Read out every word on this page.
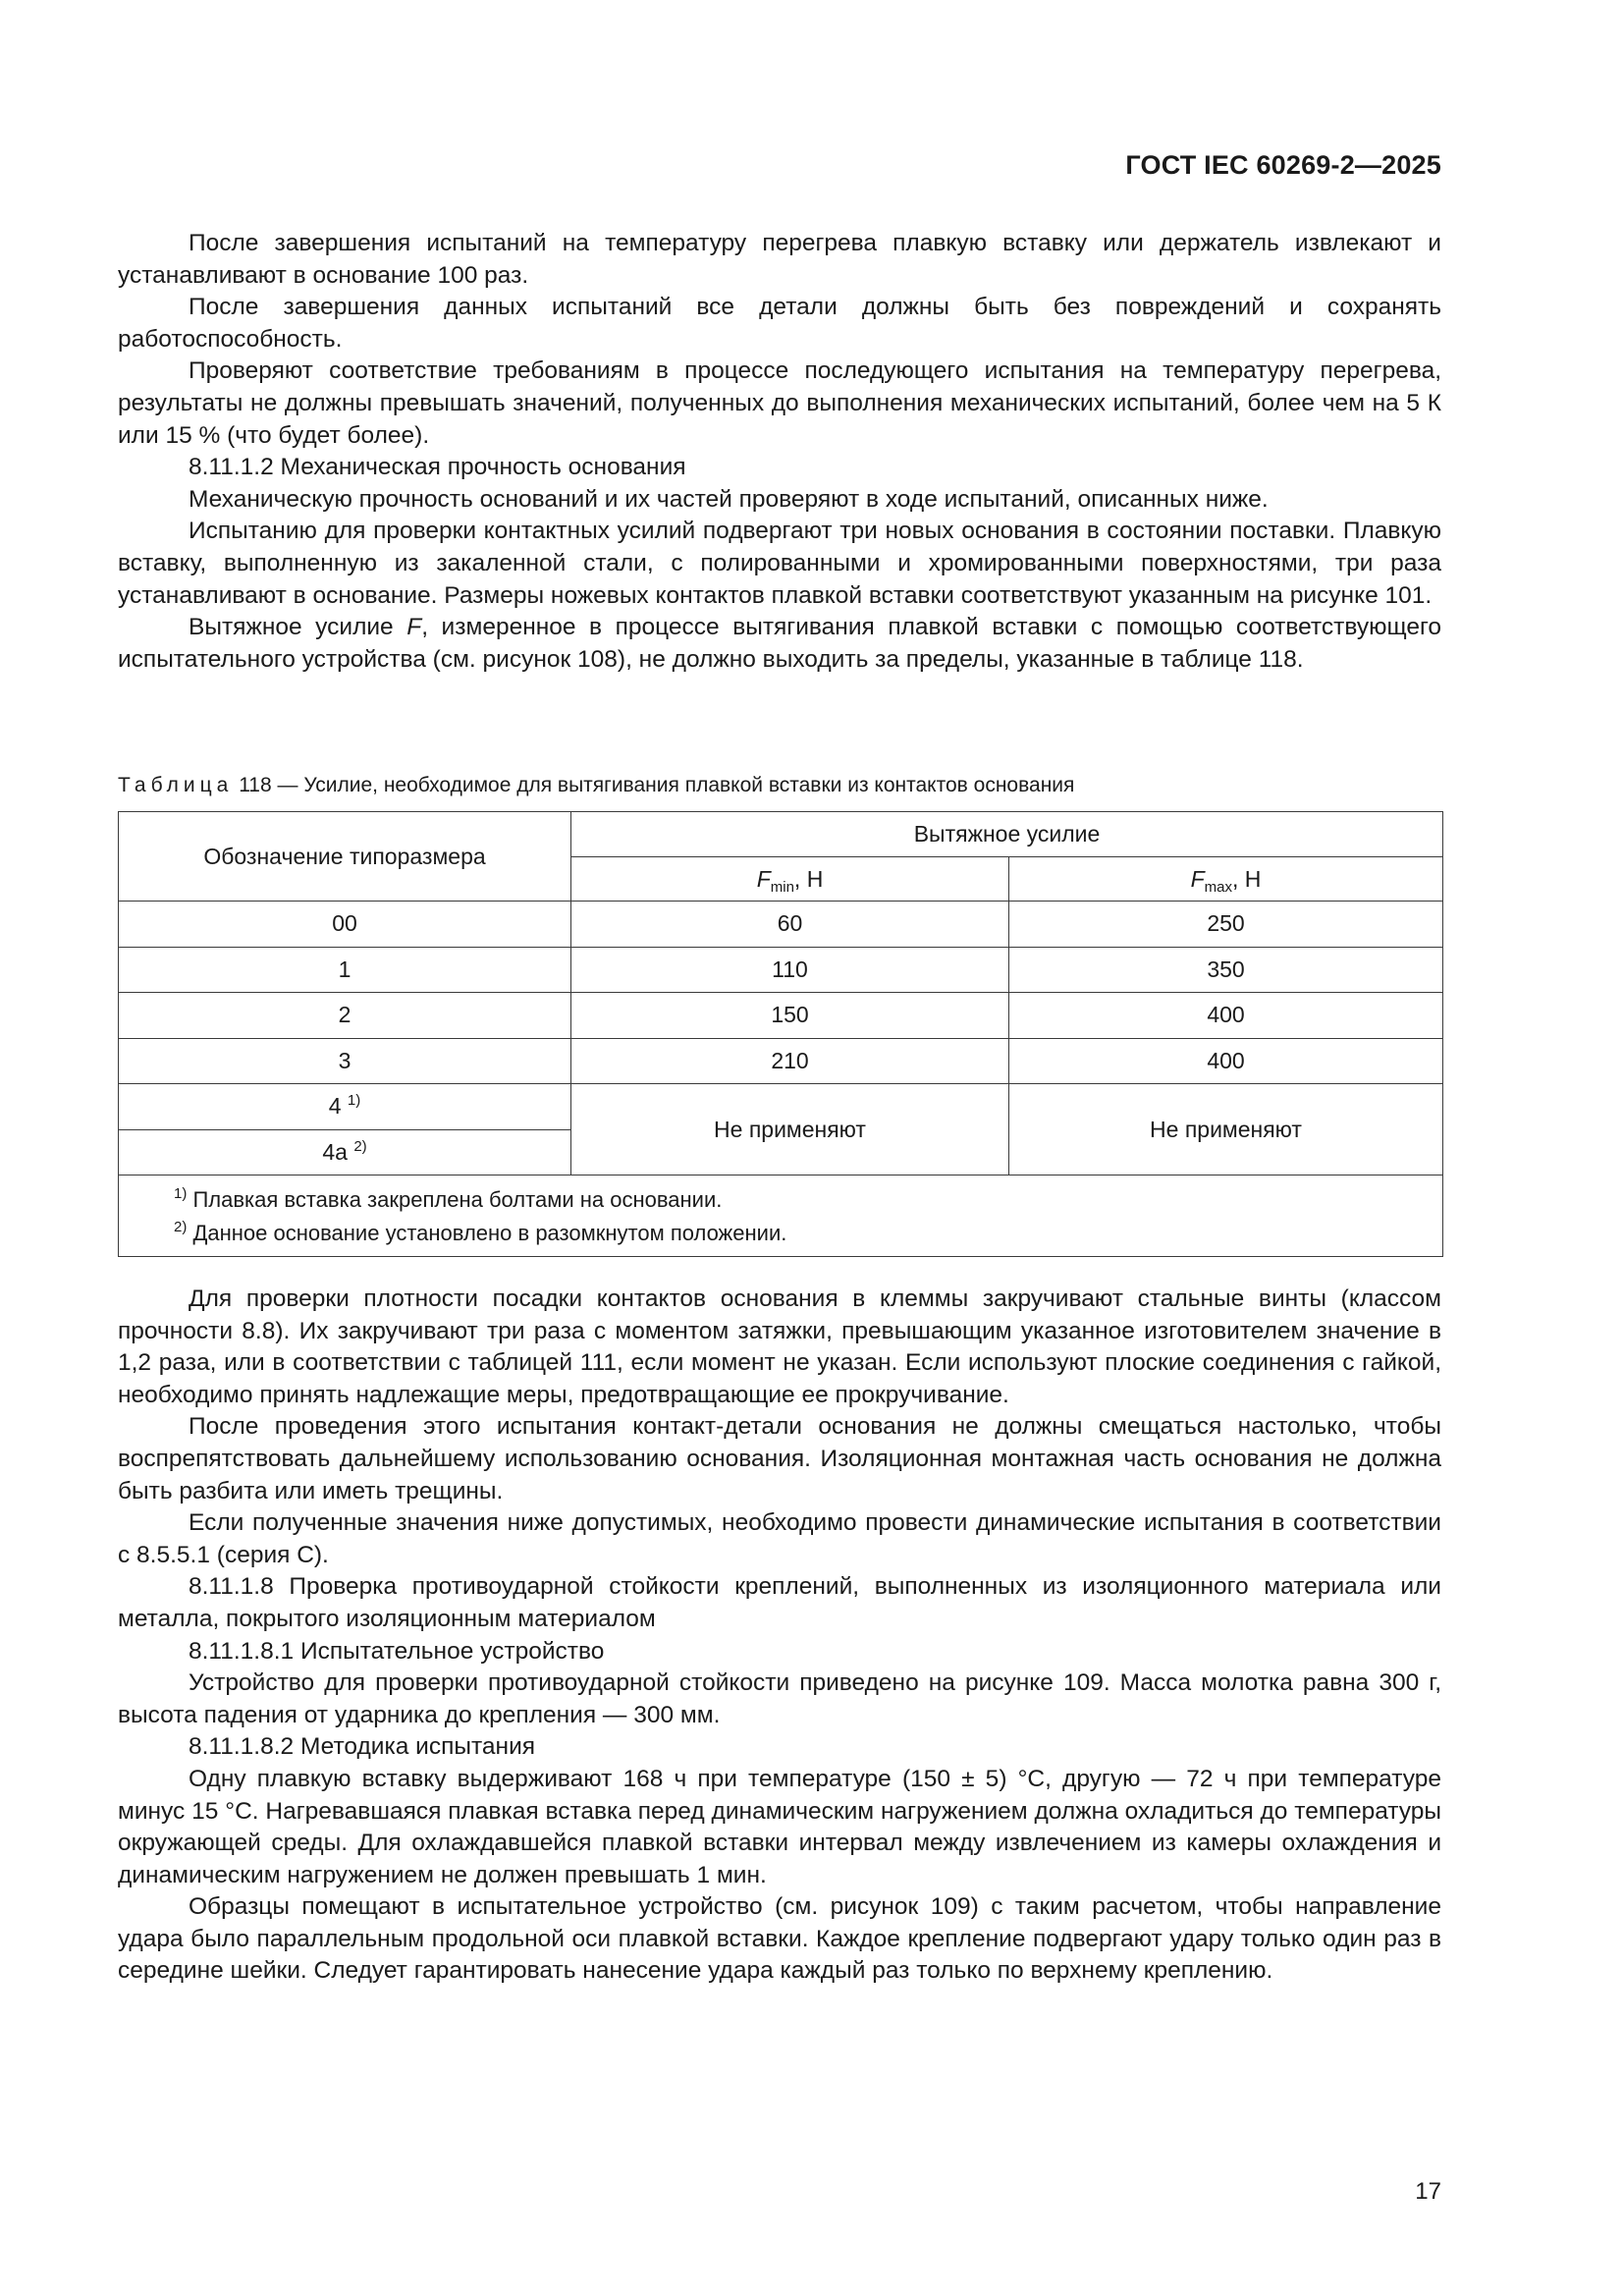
ГОСТ IEC 60269-2—2025

После завершения испытаний на температуру перегрева плавкую вставку или держатель извлекают и устанавливают в основание 100 раз.

После завершения данных испытаний все детали должны быть без повреждений и сохранять работоспособность.

Проверяют соответствие требованиям в процессе последующего испытания на температуру перегрева, результаты не должны превышать значений, полученных до выполнения механических испытаний, более чем на 5 К или 15 % (что будет более).

8.11.1.2 Механическая прочность основания

Механическую прочность оснований и их частей проверяют в ходе испытаний, описанных ниже.

Испытанию для проверки контактных усилий подвергают три новых основания в состоянии поставки. Плавкую вставку, выполненную из закаленной стали, с полированными и хромированными поверхностями, три раза устанавливают в основание. Размеры ножевых контактов плавкой вставки соответствуют указанным на рисунке 101.

Вытяжное усилие F, измеренное в процессе вытягивания плавкой вставки с помощью соответствующего испытательного устройства (см. рисунок 108), не должно выходить за пределы, указанные в таблице 118.

Таблица 118 — Усилие, необходимое для вытягивания плавкой вставки из контактов основания
Обозначение типоразмера	Вытяжное усилие	
	$F_{min}$, Н	$F_{max}$, Н
00	60	250
1	110	350
2	150	400
3	210	400
4 $^{1)}$	Не применяют	Не применяют
4а $^{2)}$

$^{1)}$ Плавкая вставка закреплена болтами на основании.
$^{2)}$ Данное основание установлено в разомкнутом положении.		

Для проверки плотности посадки контактов основания в клеммы закручивают стальные винты (классом прочности 8.8). Их закручивают три раза с моментом затяжки, превышающим указанное изготовителем значение в 1,2 раза, или в соответствии с таблицей 111, если момент не указан. Если используют плоские соединения с гайкой, необходимо принять надлежащие меры, предотвращающие ее прокручивание.

После проведения этого испытания контакт-детали основания не должны смещаться настолько, чтобы воспрепятствовать дальнейшему использованию основания. Изоляционная монтажная часть основания не должна быть разбита или иметь трещины.

Если полученные значения ниже допустимых, необходимо провести динамические испытания в соответствии с 8.5.5.1 (серия С).

8.11.1.8 Проверка противоударной стойкости креплений, выполненных из изоляционного материала или металла, покрытого изоляционным материалом

8.11.1.8.1 Испытательное устройство

Устройство для проверки противоударной стойкости приведено на рисунке 109. Масса молотка равна 300 г, высота падения от ударника до крепления — 300 мм.

8.11.1.8.2 Методика испытания

Одну плавкую вставку выдерживают 168 ч при температуре (150 ± 5) °С, другую — 72 ч при температуре минус 15 °С. Нагревавшаяся плавкая вставка перед динамическим нагружением должна охладиться до температуры окружающей среды. Для охлаждавшейся плавкой вставки интервал между извлечением из камеры охлаждения и динамическим нагружением не должен превышать 1 мин.

Образцы помещают в испытательное устройство (см. рисунок 109) с таким расчетом, чтобы направление удара было параллельным продольной оси плавкой вставки. Каждое крепление подвергают удару только один раз в середине шейки. Следует гарантировать нанесение удара каждый раз только по верхнему креплению.

17
